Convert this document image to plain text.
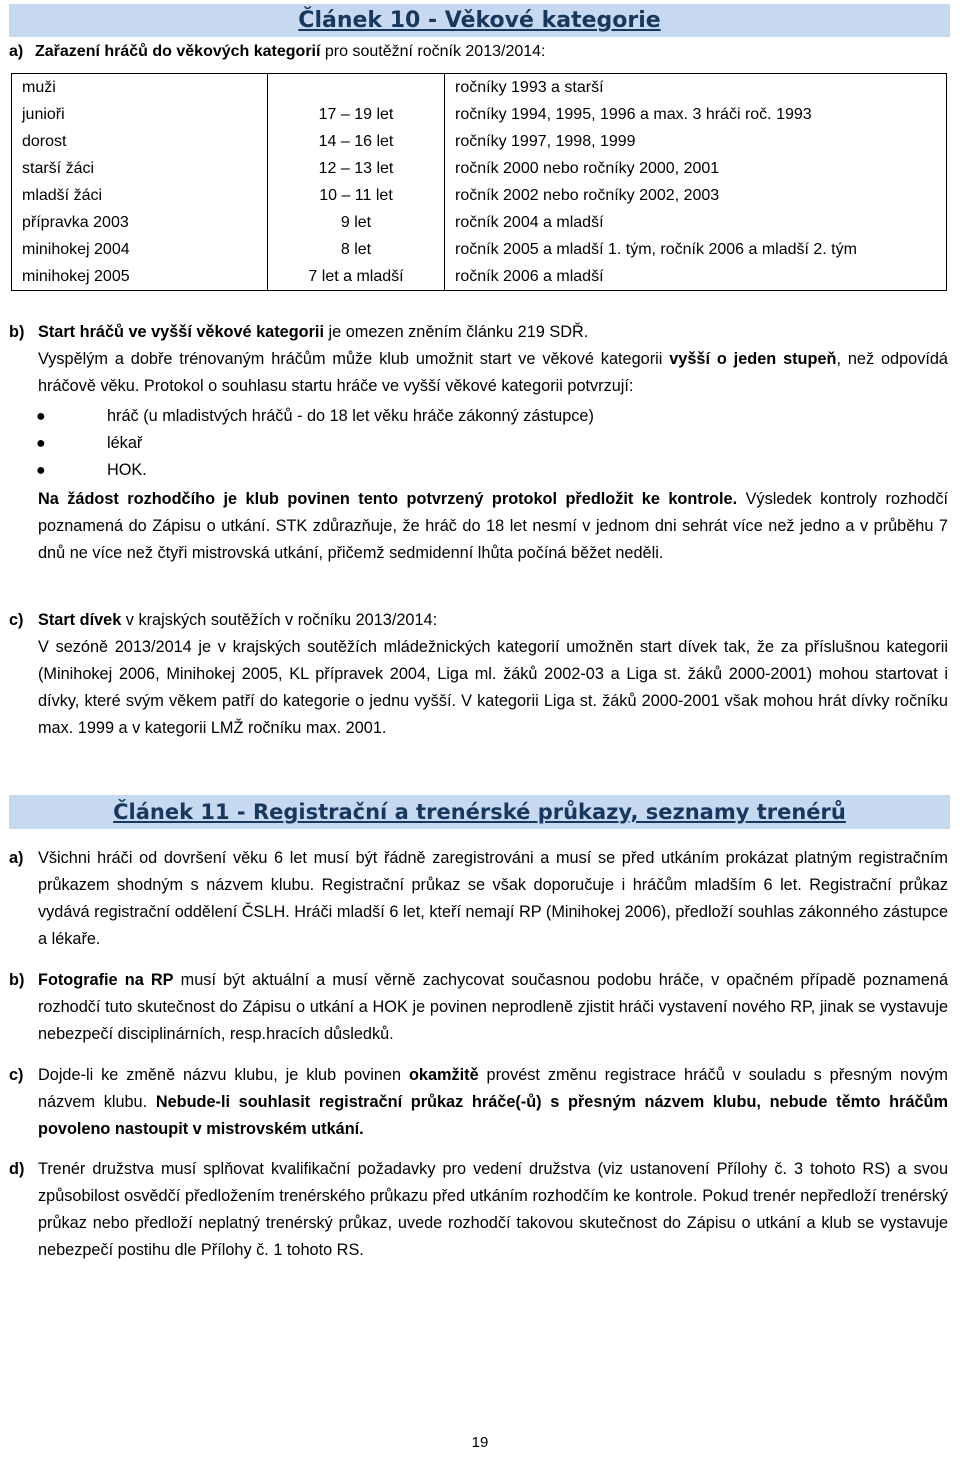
Článek 10 - Věkové kategorie
a) Zařazení hráčů do věkových kategorií pro soutěžní ročník 2013/2014:
muži		ročníky 1993 a starší
junioři	17 – 19 let	ročníky 1994, 1995, 1996 a max. 3 hráči roč. 1993
dorost	14 – 16 let	ročníky 1997, 1998, 1999
starší žáci	12 – 13 let	ročník 2000 nebo ročníky 2000, 2001
mladší žáci	10 – 11 let	ročník 2002 nebo ročníky 2002, 2003
přípravka 2003	9 let	ročník 2004 a mladší
minihokej 2004	8 let	ročník 2005 a mladší 1. tým, ročník 2006 a mladší 2. tým
minihokej 2005	7 let a mladší	ročník 2006 a mladší
b) Start hráčů ve vyšší věkové kategorii je omezen zněním článku 219 SDŘ.
Vyspělým a dobře trénovaným hráčům může klub umožnit start ve věkové kategorii vyšší o jeden stupeň, než odpovídá hráčově věku. Protokol o souhlasu startu hráče ve vyšší věkové kategorii potvrzují:
●	hráč (u mladistvých hráčů - do 18 let věku hráče zákonný zástupce)
●	lékař
●	HOK.
Na žádost rozhodčího je klub povinen tento potvrzený protokol předložit ke kontrole. Výsledek kontroly rozhodčí poznamená do Zápisu o utkání. STK zdůrazňuje, že hráč do 18 let nesmí v jednom dni sehrát více než jedno a v průběhu 7 dnů ne více než čtyři mistrovská utkání, přičemž sedmidenní lhůta počíná běžet neděli.
c) Start dívek v krajských soutěžích v ročníku 2013/2014:
V sezóně 2013/2014 je v krajských soutěžích mládežnických kategorií umožněn start dívek tak, že za příslušnou kategorii (Minihokej 2006, Minihokej 2005, KL přípravek 2004, Liga ml. žáků 2002-03 a Liga st. žáků 2000-2001) mohou startovat i dívky, které svým věkem patří do kategorie o jednu vyšší. V kategorii Liga st. žáků 2000-2001 však mohou hrát dívky ročníku max. 1999 a v kategorii LMŽ ročníku max. 2001.
Článek 11 - Registrační a trenérské průkazy, seznamy trenérů
a) Všichni hráči od dovršení věku 6 let musí být řádně zaregistrováni a musí se před utkáním prokázat platným registračním průkazem shodným s názvem klubu. Registrační průkaz se však doporučuje i hráčům mladším 6 let. Registrační průkaz vydává registrační oddělení ČSLH. Hráči mladší 6 let, kteří nemají RP (Minihokej 2006), předloží souhlas zákonného zástupce a lékaře.
b) Fotografie na RP musí být aktuální a musí věrně zachycovat současnou podobu hráče, v opačném případě poznamená rozhodčí tuto skutečnost do Zápisu o utkání a HOK je povinen neprodleně zjistit hráči vystavení nového RP, jinak se vystavuje nebezpečí disciplinárních, resp.hracích důsledků.
c) Dojde-li ke změně názvu klubu, je klub povinen okamžitě provést změnu registrace hráčů v souladu s přesným novým názvem klubu. Nebude-li souhlasit registrační průkaz hráče(-ů) s přesným názvem klubu, nebude těmto hráčům povoleno nastoupit v mistrovském utkání.
d) Trenér družstva musí splňovat kvalifikační požadavky pro vedení družstva (viz ustanovení Přílohy č. 3 tohoto RS) a svou způsobilost osvědčí předložením trenérského průkazu před utkáním rozhodčím ke kontrole. Pokud trenér nepředloží trenérský průkaz nebo předloží neplatný trenérský průkaz, uvede rozhodčí takovou skutečnost do Zápisu o utkání a klub se vystavuje nebezpečí postihu dle Přílohy č. 1 tohoto RS.
19
